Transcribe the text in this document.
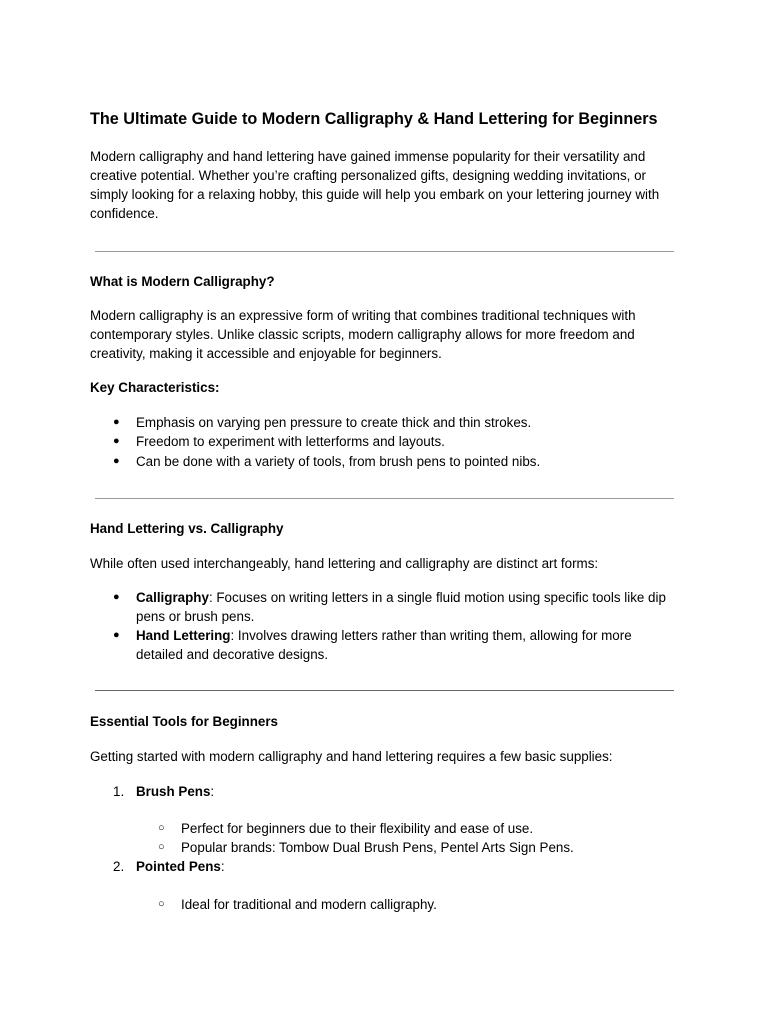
The Ultimate Guide to Modern Calligraphy & Hand Lettering for Beginners
Modern calligraphy and hand lettering have gained immense popularity for their versatility and creative potential. Whether you’re crafting personalized gifts, designing wedding invitations, or simply looking for a relaxing hobby, this guide will help you embark on your lettering journey with confidence.
What is Modern Calligraphy?
Modern calligraphy is an expressive form of writing that combines traditional techniques with contemporary styles. Unlike classic scripts, modern calligraphy allows for more freedom and creativity, making it accessible and enjoyable for beginners.
Key Characteristics:
● Emphasis on varying pen pressure to create thick and thin strokes.
● Freedom to experiment with letterforms and layouts.
● Can be done with a variety of tools, from brush pens to pointed nibs.
Hand Lettering vs. Calligraphy
While often used interchangeably, hand lettering and calligraphy are distinct art forms:
● Calligraphy: Focuses on writing letters in a single fluid motion using specific tools like dip pens or brush pens.
● Hand Lettering: Involves drawing letters rather than writing them, allowing for more detailed and decorative designs.
Essential Tools for Beginners
Getting started with modern calligraphy and hand lettering requires a few basic supplies:
1. Brush Pens:
○ Perfect for beginners due to their flexibility and ease of use.
○ Popular brands: Tombow Dual Brush Pens, Pentel Arts Sign Pens.
2. Pointed Pens:
○ Ideal for traditional and modern calligraphy.
